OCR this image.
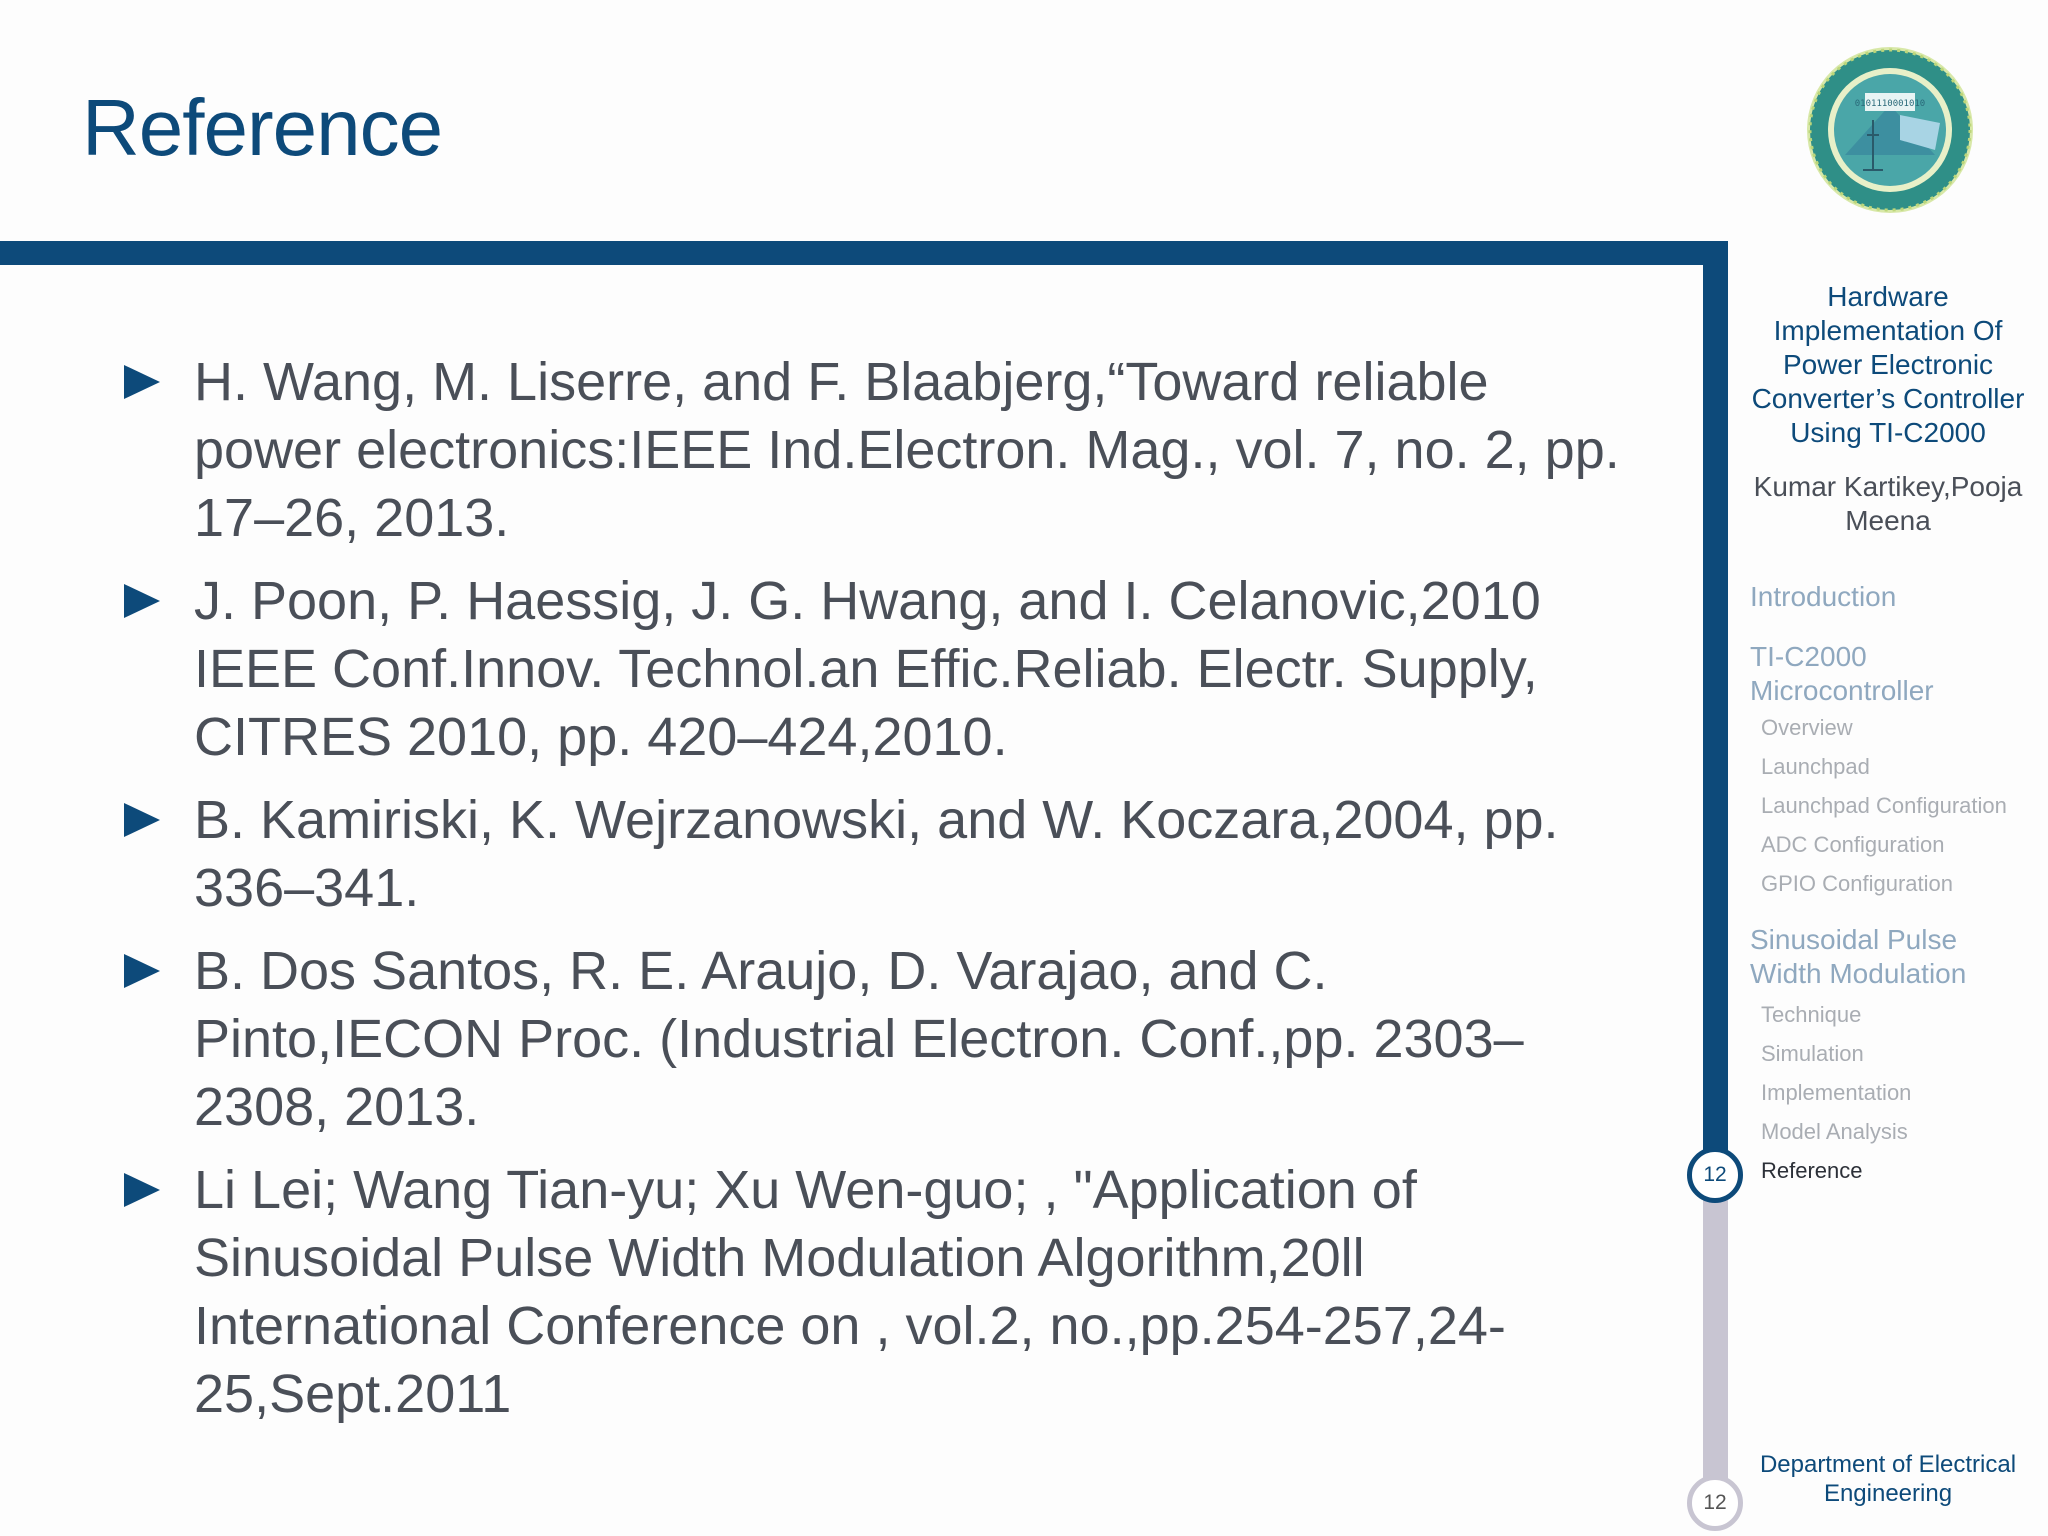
Reference	0101110001010
12
12
H. Wang, M. Liserre, and F. Blaabjerg,“Toward reliable power electronics:IEEE Ind.Electron. Mag., vol. 7, no. 2, pp. 17–26, 2013.
J. Poon, P. Haessig, J. G. Hwang, and I. Celanovic,2010 IEEE Conf.Innov. Technol.an Effic.Reliab. Electr. Supply, CITRES 2010, pp. 420–424,2010.
B. Kamiriski, K. Wejrzanowski, and W. Koczara,2004, pp. 336–341.
B. Dos Santos, R. E. Araujo, D. Varajao, and C. Pinto,IECON Proc. (Industrial Electron. Conf.,pp. 2303–2308, 2013.
Li Lei; Wang Tian-yu; Xu Wen-guo; , "Application of Sinusoidal Pulse Width Modulation Algorithm,20ll International Conference on , vol.2, no.,pp.254-257,24-25,Sept.2011
Hardware
Implementation Of
Power Electronic
Converter’s Controller
Using TI-C2000
Kumar Kartikey,Pooja
Meena
Introduction
TI-C2000
Microcontroller
Overview
Launchpad
Launchpad Configuration
ADC Configuration
GPIO Configuration
Sinusoidal Pulse
Width Modulation
Technique
Simulation
Implementation
Model Analysis
Reference
Department of Electrical
Engineering
